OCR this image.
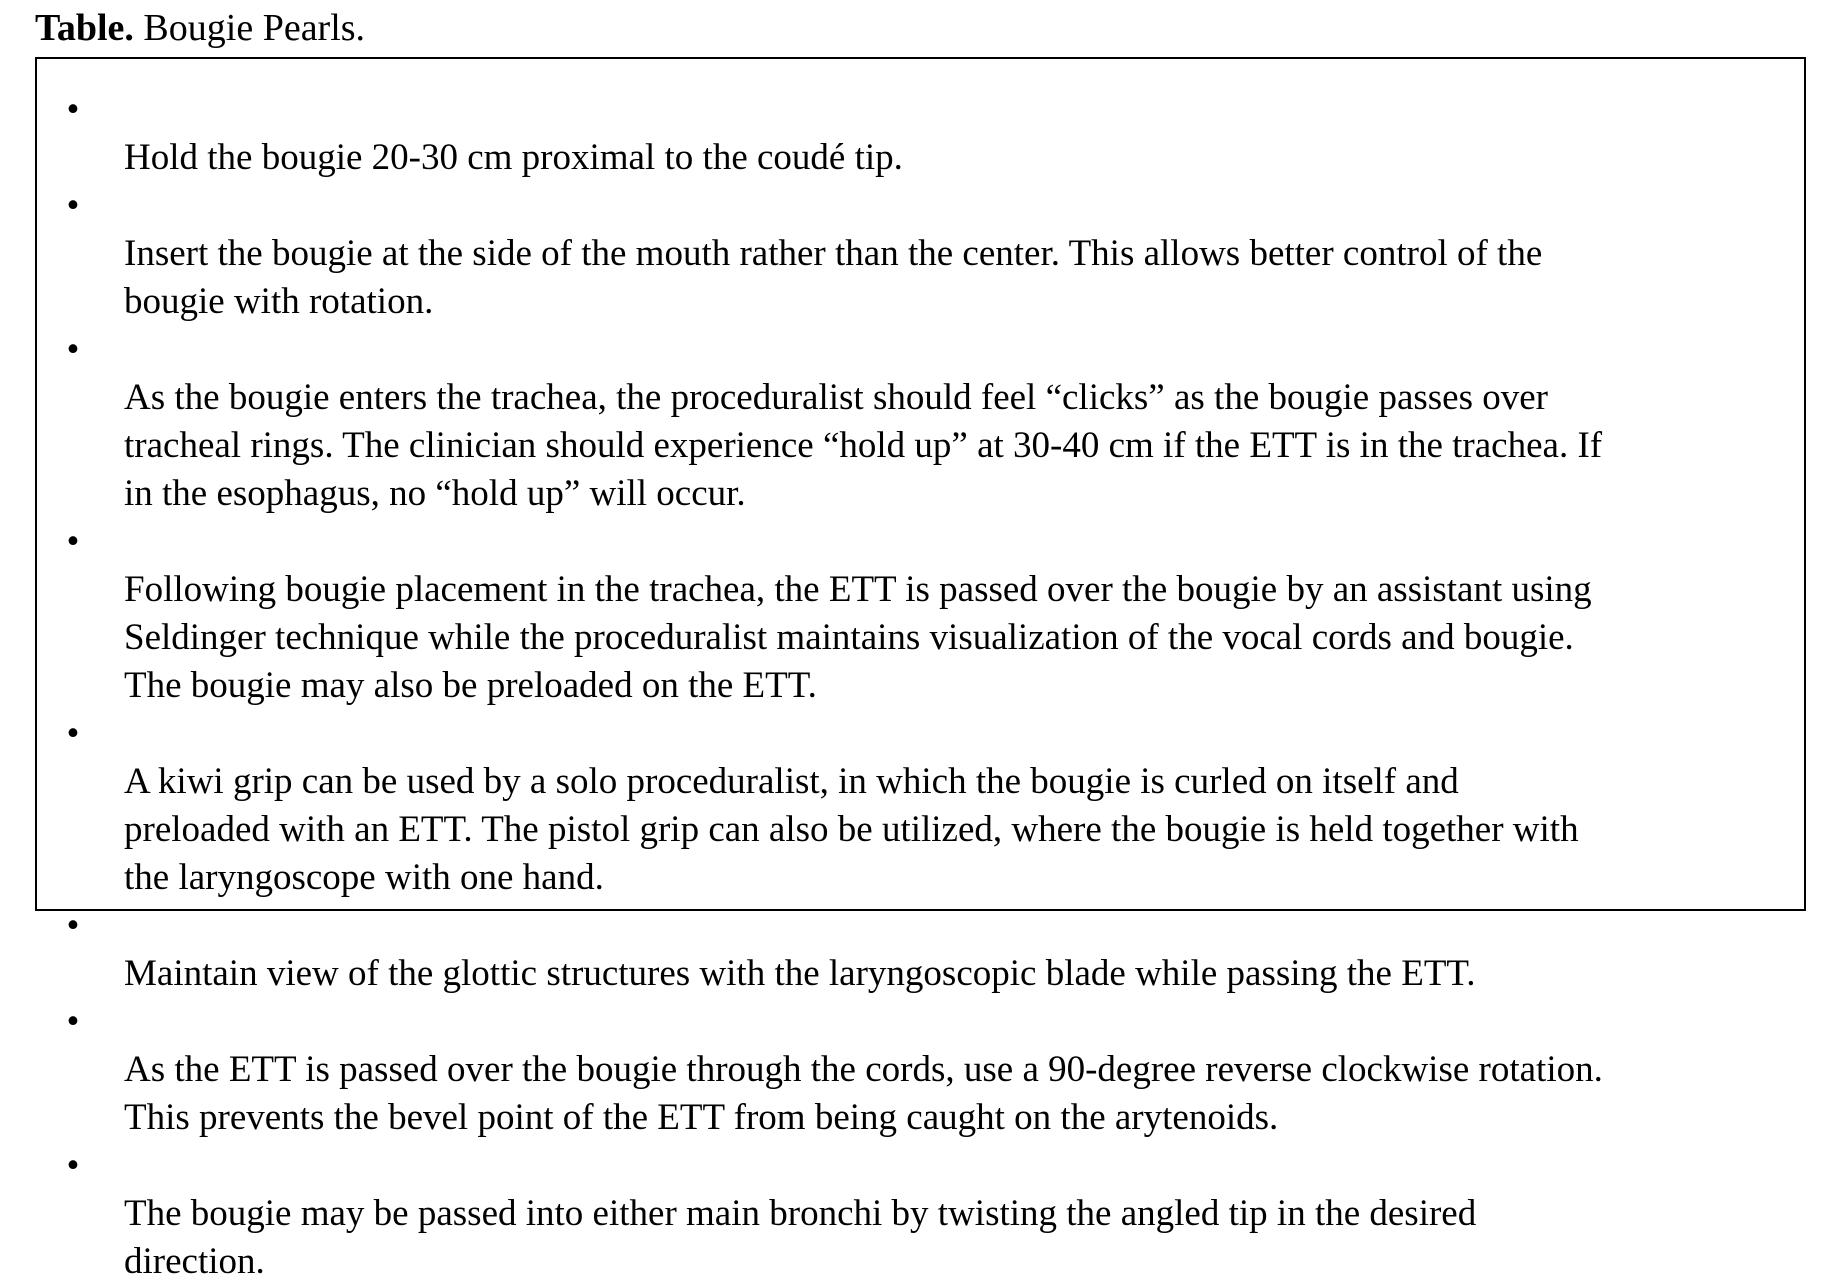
Table. Bougie Pearls.

•
Hold the bougie 20-30 cm proximal to the coudé tip.

•
Insert the bougie at the side of the mouth rather than the center. This allows better control of the
bougie with rotation.

•
As the bougie enters the trachea, the proceduralist should feel “clicks” as the bougie passes over
tracheal rings. The clinician should experience “hold up” at 30-40 cm if the ETT is in the trachea. If
in the esophagus, no “hold up” will occur.

•
Following bougie placement in the trachea, the ETT is passed over the bougie by an assistant using
Seldinger technique while the proceduralist maintains visualization of the vocal cords and bougie.
The bougie may also be preloaded on the ETT.

•
A kiwi grip can be used by a solo proceduralist, in which the bougie is curled on itself and
preloaded with an ETT. The pistol grip can also be utilized, where the bougie is held together with
the laryngoscope with one hand.

•
Maintain view of the glottic structures with the laryngoscopic blade while passing the ETT.

•
As the ETT is passed over the bougie through the cords, use a 90-degree reverse clockwise rotation.
This prevents the bevel point of the ETT from being caught on the arytenoids.

•
The bougie may be passed into either main bronchi by twisting the angled tip in the desired
direction.
